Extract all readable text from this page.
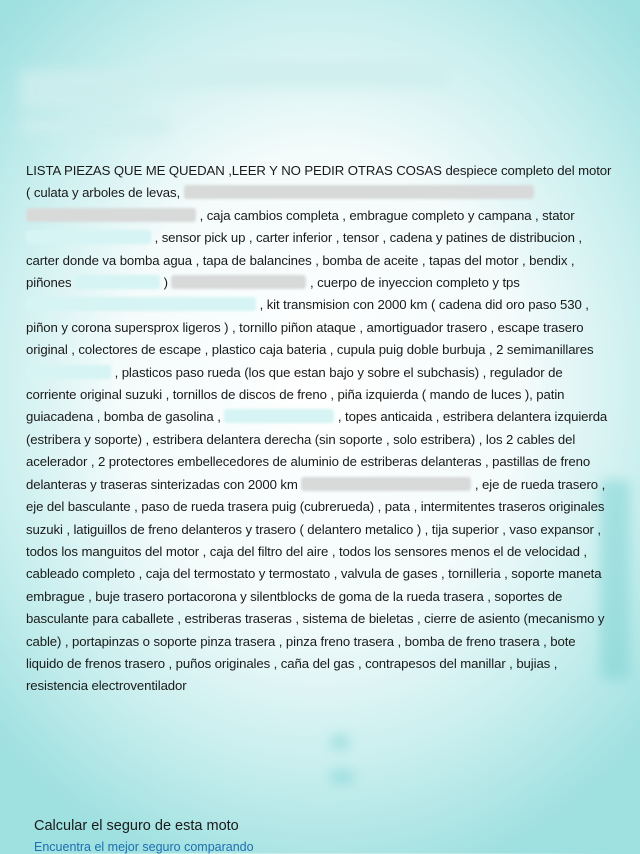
LISTA PIEZAS QUE ME QUEDAN ,LEER Y NO PEDIR OTRAS COSAS despiece completo del motor ( culata y arboles de levas,  , caja cambios completa , embrague completo y campana , stator  , sensor pick up , carter inferior , tensor , cadena y patines de distribucion , carter donde va bomba agua , tapa de balancines , bomba de aceite , tapas del motor , bendix , piñones	)	, cuerpo de inyeccion completo y tps  , kit transmision con 2000 km ( cadena did oro paso 530 , piñon y corona supersprox ligeros ) , tornillo piñon ataque , amortiguador trasero , escape trasero original , colectores de escape , plastico caja bateria , cupula puig doble burbuja , 2 semimanillares  , plasticos paso rueda (los que estan bajo y sobre el subchasis) , regulador de corriente original suzuki , tornillos de discos de freno , piña izquierda ( mando de luces ), patin guiacadena , bomba de gasolina ,	, topes anticaida , estribera delantera izquierda (estribera y soporte) , estribera delantera derecha (sin soporte , solo estribera) , los 2 cables del acelerador , 2 protectores embellecedores de aluminio de estriberas delanteras , pastillas de freno delanteras y traseras sinterizadas con 2000 km	, eje de rueda trasero , eje del basculante , paso de rueda trasera puig (cubrerueda) , pata , intermitentes traseros originales suzuki , latiguillos de freno delanteros y trasero ( delantero metalico ) , tija superior , vaso expansor , todos los manguitos del motor , caja del filtro del aire , todos los sensores menos el de velocidad , cableado completo , caja del termostato y termostato , valvula de gases , tornilleria , soporte maneta embrague , buje trasero portacorona y silentblocks de goma de la rueda trasera , soportes de basculante para caballete , estriberas traseras , sistema de bieletas , cierre de asiento (mecanismo y cable) , portapinzas o soporte pinza trasera , pinza freno trasera , bomba de freno trasera , bote liquido de frenos trasero , puños originales , caña del gas , contrapesos del manillar , bujias , resistencia electroventilador
Calcular el seguro de esta moto
Encuentra el mejor seguro comparando
